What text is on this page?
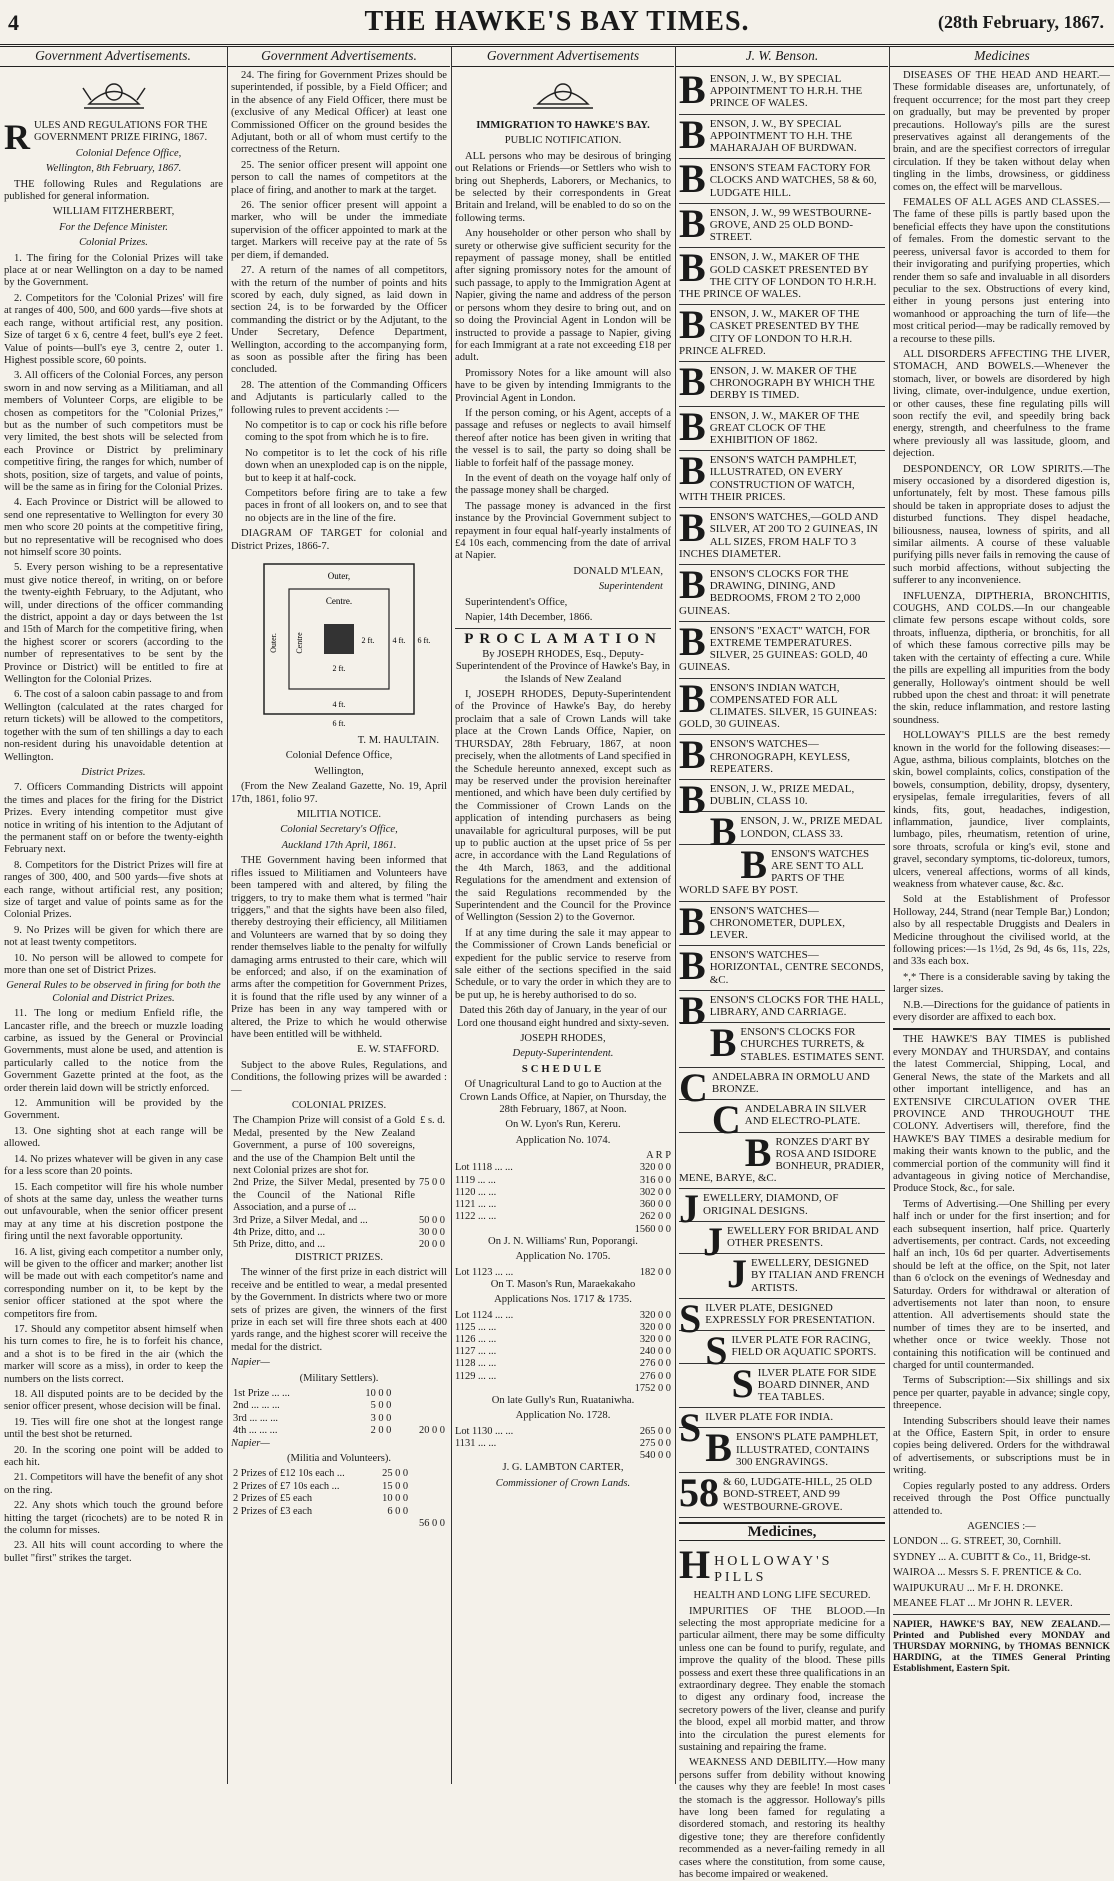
4	THE HAWKE'S BAY TIMES.	(28th February, 1867.
Government Advertisements.	Government Advertisements.	Government Advertisements	J. W. Benson.	Medicines

RULES AND REGULATIONS FOR THE GOVERNMENT PRIZE FIRING, 1867.

Colonial Defence Office,

Wellington, 8th February, 1867.

THE following Rules and Regulations are published for general information.

WILLIAM FITZHERBERT,

For the Defence Minister.

Colonial Prizes.

1. The firing for the Colonial Prizes will take place at or near Wellington on a day to be named by the Government.

2. Competitors for the 'Colonial Prizes' will fire at ranges of 400, 500, and 600 yards—five shots at each range, without artificial rest, any position. Size of target 6 x 6, centre 4 feet, bull's eye 2 feet. Value of points—bull's eye 3, centre 2, outer 1. Highest possible score, 60 points.

3. All officers of the Colonial Forces, any person sworn in and now serving as a Militiaman, and all members of Volunteer Corps, are eligible to be chosen as competitors for the "Colonial Prizes," but as the number of such competitors must be very limited, the best shots will be selected from each Province or District by preliminary competitive firing, the ranges for which, number of shots, position, size of targets, and value of points, will be the same as in firing for the Colonial Prizes.

4. Each Province or District will be allowed to send one representative to Wellington for every 30 men who score 20 points at the competitive firing, but no representative will be recognised who does not himself score 30 points.

5. Every person wishing to be a representative must give notice thereof, in writing, on or before the twenty-eighth February, to the Adjutant, who will, under directions of the officer commanding the district, appoint a day or days between the 1st and 15th of March for the competitive firing, when the highest scorer or scorers (according to the number of representatives to be sent by the Province or District) will be entitled to fire at Wellington for the Colonial Prizes.

6. The cost of a saloon cabin passage to and from Wellington (calculated at the rates charged for return tickets) will be allowed to the competitors, together with the sum of ten shillings a day to each non-resident during his unavoidable detention at Wellington.

District Prizes.

7. Officers Commanding Districts will appoint the times and places for the firing for the District Prizes. Every intending competitor must give notice in writing of his intention to the Adjutant of the permanent staff on or before the twenty-eighth February next.

8. Competitors for the District Prizes will fire at ranges of 300, 400, and 500 yards—five shots at each range, without artificial rest, any position; size of target and value of points same as for the Colonial Prizes.

9. No Prizes will be given for which there are not at least twenty competitors.

10. No person will be allowed to compete for more than one set of District Prizes.

General Rules to be observed in firing for both the Colonial and District Prizes.

11. The long or medium Enfield rifle, the Lancaster rifle, and the breech or muzzle loading carbine, as issued by the General or Provincial Governments, must alone be used, and attention is particularly called to the notice from the Government Gazette printed at the foot, as the order therein laid down will be strictly enforced.

12. Ammunition will be provided by the Government.

13. One sighting shot at each range will be allowed.

14. No prizes whatever will be given in any case for a less score than 20 points.

15. Each competitor will fire his whole number of shots at the same day, unless the weather turns out unfavourable, when the senior officer present may at any time at his discretion postpone the firing until the next favorable opportunity.

16. A list, giving each competitor a number only, will be given to the officer and marker; another list will be made out with each competitor's name and corresponding number on it, to be kept by the senior officer stationed at the spot where the competitors fire from.

17. Should any competitor absent himself when his turn comes to fire, he is to forfeit his chance, and a shot is to be fired in the air (which the marker will score as a miss), in order to keep the numbers on the lists correct.

18. All disputed points are to be decided by the senior officer present, whose decision will be final.

19. Ties will fire one shot at the longest range until the best shot be returned.

20. In the scoring one point will be added to each hit.

21. Competitors will have the benefit of any shot on the ring.

22. Any shots which touch the ground before hitting the target (ricochets) are to be noted R in the column for misses.

23. All hits will count according to where the bullet "first" strikes the target.

24. The firing for Government Prizes should be superintended, if possible, by a Field Officer; and in the absence of any Field Officer, there must be (exclusive of any Medical Officer) at least one Commissioned Officer on the ground besides the Adjutant, both or all of whom must certify to the correctness of the Return.

25. The senior officer present will appoint one person to call the names of competitors at the place of firing, and another to mark at the target.

26. The senior officer present will appoint a marker, who will be under the immediate supervision of the officer appointed to mark at the target. Markers will receive pay at the rate of 5s per diem, if demanded.

27. A return of the names of all competitors, with the return of the number of points and hits scored by each, duly signed, as laid down in section 24, is to be forwarded by the Officer commanding the district or by the Adjutant, to the Under Secretary, Defence Department, Wellington, according to the accompanying form, as soon as possible after the firing has been concluded.

28. The attention of the Commanding Officers and Adjutants is particularly called to the following rules to prevent accidents :—

No competitor is to cap or cock his rifle before coming to the spot from which he is to fire.

No competitor is to let the cock of his rifle down when an unexploded cap is on the nipple, but to keep it at half-cock.

Competitors before firing are to take a few paces in front of all lookers on, and to see that no objects are in the line of the fire.

DIAGRAM OF TARGET for colonial and District Prizes, 1866-7.

Outer,
Centre.
2 ft.
2 ft.
4 ft.
4 ft.
6 ft.
6 ft.
Outer. Centre

T. M. HAULTAIN.

Colonial Defence Office,

Wellington,

(From the New Zealand Gazette, No. 19, April 17th, 1861, folio 97.

MILITIA NOTICE.

Colonial Secretary's Office,

Auckland 17th April, 1861.

THE Government having been informed that rifles issued to Militiamen and Volunteers have been tampered with and altered, by filing the triggers, to try to make them what is termed "hair triggers," and that the sights have been also filed, thereby destroying their efficiency, all Militiamen and Volunteers are warned that by so doing they render themselves liable to the penalty for wilfully damaging arms entrusted to their care, which will be enforced; and also, if on the examination of arms after the competition for Government Prizes, it is found that the rifle used by any winner of a Prize has been in any way tampered with or altered, the Prize to which he would otherwise have been entitled will be withheld.

E. W. STAFFORD.

Subject to the above Rules, Regulations, and Conditions, the following prizes will be awarded :—

COLONIAL PRIZES.

The Champion Prize will consist of a Gold Medal, presented by the New Zealand Government, a purse of 100 sovereigns, and the use of the Champion Belt until the next Colonial prizes are shot for.	£ s. d.
2nd Prize, the Silver Medal, presented by the Council of the National Rifle Association, and a purse of ...	75 0 0
3rd Prize, a Silver Medal, and ...	50 0 0
4th Prize, ditto, and ...	30 0 0
5th Prize, ditto, and ...	20 0 0

DISTRICT PRIZES.

The winner of the first prize in each district will receive and be entitled to wear, a medal presented by the Government. In districts where two or more sets of prizes are given, the winners of the first prize in each set will fire three shots each at 400 yards range, and the highest scorer will receive the medal for the district.

Napier—

(Military Settlers).

1st Prize ... ...	10 0 0	
2nd ... ... ...	5 0 0	
3rd ... ... ...	3 0 0	
4th ... ... ...	2 0 0	20 0 0

Napier—

(Militia and Volunteers).

2 Prizes of £12 10s each ...	25 0 0	
2 Prizes of £7 10s each ...	15 0 0	
2 Prizes of £5 each	10 0 0	
2 Prizes of £3 each	6 0 0	
		56 0 0

IMMIGRATION TO HAWKE'S BAY.

PUBLIC NOTIFICATION.

ALL persons who may be desirous of bringing out Relations or Friends—or Settlers who wish to bring out Shepherds, Laborers, or Mechanics, to be selected by their correspondents in Great Britain and Ireland, will be enabled to do so on the following terms.

Any householder or other person who shall by surety or otherwise give sufficient security for the repayment of passage money, shall be entitled after signing promissory notes for the amount of such passage, to apply to the Immigration Agent at Napier, giving the name and address of the person or persons whom they desire to bring out, and on so doing the Provincial Agent in London will be instructed to provide a passage to Napier, giving for each Immigrant at a rate not exceeding £18 per adult.

Promissory Notes for a like amount will also have to be given by intending Immigrants to the Provincial Agent in London.

If the person coming, or his Agent, accepts of a passage and refuses or neglects to avail himself thereof after notice has been given in writing that the vessel is to sail, the party so doing shall be liable to forfeit half of the passage money.

In the event of death on the voyage half only of the passage money shall be charged.

The passage money is advanced in the first instance by the Provincial Government subject to repayment in four equal half-yearly instalments of £4 10s each, commencing from the date of arrival at Napier.

DONALD M'LEAN,

Superintendent

Superintendent's Office,

Napier, 14th December, 1866.

PROCLAMATION

By JOSEPH RHODES, Esq., Deputy-Superintendent of the Province of Hawke's Bay, in the Islands of New Zealand

I, JOSEPH RHODES, Deputy-Superintendent of the Province of Hawke's Bay, do hereby proclaim that a sale of Crown Lands will take place at the Crown Lands Office, Napier, on THURSDAY, 28th February, 1867, at noon precisely, when the allotments of Land specified in the Schedule hereunto annexed, except such as may be reserved under the provision hereinafter mentioned, and which have been duly certified by the Commissioner of Crown Lands on the application of intending purchasers as being unavailable for agricultural purposes, will be put up to public auction at the upset price of 5s per acre, in accordance with the Land Regulations of the 4th March, 1863, and the additional Regulations for the amendment and extension of the said Regulations recommended by the Superintendent and the Council for the Province of Wellington (Session 2) to the Governor.

If at any time during the sale it may appear to the Commissioner of Crown Lands beneficial or expedient for the public service to reserve from sale either of the sections specified in the said Schedule, or to vary the order in which they are to be put up, he is hereby authorised to do so.

Dated this 26th day of January, in the year of our Lord one thousand eight hundred and sixty-seven.

JOSEPH RHODES,

Deputy-Superintendent.

SCHEDULE

Of Unagricultural Land to go to Auction at the Crown Lands Office, at Napier, on Thursday, the 28th February, 1867, at Noon.

On W. Lyon's Run, Kereru.

Application No. 1074.

A R P
Lot 1118 ... ...	320 0 0
1119 ... ...	316 0 0
1120 ... ...	302 0 0
1121 ... ...	360 0 0
1122 ... ...	262 0 0
1560 0 0

On J. N. Williams' Run, Poporangi.

Application No. 1705.

Lot 1123 ... ...	182 0 0

On T. Mason's Run, Maraekakaho

Applications Nos. 1717 & 1735.

Lot 1124 ... ...	320 0 0
1125 ... ...	320 0 0
1126 ... ...	320 0 0
1127 ... ...	240 0 0
1128 ... ...	276 0 0
1129 ... ...	276 0 0
1752 0 0

On late Gully's Run, Ruataniwha.

Application No. 1728.

Lot 1130 ... ...	265 0 0
1131 ... ...	275 0 0
540 0 0

J. G. LAMBTON CARTER,

Commissioner of Crown Lands.

B ENSON, J. W., BY SPECIAL APPOINTMENT TO H.R.H. THE PRINCE OF WALES.
B ENSON, J. W., BY SPECIAL APPOINTMENT TO H.H. THE MAHARAJAH OF BURDWAN.
B ENSON'S STEAM FACTORY FOR CLOCKS AND WATCHES, 58 & 60, LUDGATE HILL.
B ENSON, J. W., 99 WESTBOURNE-GROVE, AND 25 OLD BOND-STREET.
B ENSON, J. W., MAKER OF THE GOLD CASKET PRESENTED BY THE CITY OF LONDON TO H.R.H. THE PRINCE OF WALES.
B ENSON, J. W., MAKER OF THE CASKET PRESENTED BY THE CITY OF LONDON TO H.R.H. PRINCE ALFRED.
B ENSON, J. W. MAKER OF THE CHRONOGRAPH BY WHICH THE DERBY IS TIMED.
B ENSON, J. W., MAKER OF THE GREAT CLOCK OF THE EXHIBITION OF 1862.
B ENSON'S WATCH PAMPHLET, ILLUSTRATED, ON EVERY CONSTRUCTION OF WATCH, WITH THEIR PRICES.
B ENSON'S WATCHES,—GOLD AND SILVER, AT 200 TO 2 GUINEAS, IN ALL SIZES, FROM HALF TO 3 INCHES DIAMETER.
B ENSON'S CLOCKS FOR THE DRAWING, DINING, AND BEDROOMS, FROM 2 TO 2,000 GUINEAS.
B ENSON'S "EXACT" WATCH, FOR EXTREME TEMPERATURES. SILVER, 25 GUINEAS: GOLD, 40 GUINEAS.
B ENSON'S INDIAN WATCH, COMPENSATED FOR ALL CLIMATES. SILVER, 15 GUINEAS: GOLD, 30 GUINEAS.
B ENSON'S WATCHES—CHRONOGRAPH, KEYLESS, REPEATERS.
B ENSON, J. W., PRIZE MEDAL, DUBLIN, CLASS 10.
B ENSON, J. W., PRIZE MEDAL LONDON, CLASS 33.
B ENSON'S WATCHES ARE SENT TO ALL PARTS OF THE WORLD SAFE BY POST.
B ENSON'S WATCHES—CHRONOMETER, DUPLEX, LEVER.
B ENSON'S WATCHES—HORIZONTAL, CENTRE SECONDS, &C.
B ENSON'S CLOCKS FOR THE HALL, LIBRARY, AND CARRIAGE.
B ENSON'S CLOCKS FOR CHURCHES TURRETS, & STABLES. ESTIMATES SENT.
C ANDELABRA IN ORMOLU AND BRONZE.
C ANDELABRA IN SILVER AND ELECTRO-PLATE.
B RONZES D'ART BY ROSA AND ISIDORE BONHEUR, PRADIER, MENE, BARYE, &C.
J EWELLERY, DIAMOND, OF ORIGINAL DESIGNS.
J EWELLERY FOR BRIDAL AND OTHER PRESENTS.
J EWELLERY, DESIGNED BY ITALIAN AND FRENCH ARTISTS.
S ILVER PLATE, DESIGNED EXPRESSLY FOR PRESENTATION.
S ILVER PLATE FOR RACING, FIELD OR AQUATIC SPORTS.
S ILVER PLATE FOR SIDE BOARD DINNER, AND TEA TABLES.
S ILVER PLATE FOR INDIA.
B ENSON'S PLATE PAMPHLET, ILLUSTRATED, CONTAINS 300 ENGRAVINGS.
58 & 60, LUDGATE-HILL, 25 OLD BOND-STREET, AND 99 WESTBOURNE-GROVE.
Medicines,
H HOLLOWAY'S PILLS

HEALTH AND LONG LIFE SECURED.

IMPURITIES OF THE BLOOD.—In selecting the most appropriate medicine for a particular ailment, there may be some difficulty unless one can be found to purify, regulate, and improve the quality of the blood. These pills possess and exert these three qualifications in an extraordinary degree. They enable the stomach to digest any ordinary food, increase the secretory powers of the liver, cleanse and purify the blood, expel all morbid matter, and throw into the circulation the purest elements for sustaining and repairing the frame.

WEAKNESS AND DEBILITY.—How many persons suffer from debility without knowing the causes why they are feeble! In most cases the stomach is the aggressor. Holloway's pills have long been famed for regulating a disordered stomach, and restoring its healthy digestive tone; they are therefore confidently recommended as a never-failing remedy in all cases where the constitution, from some cause, has become impaired or weakened.

DISEASES OF THE HEAD AND HEART.—These formidable diseases are, unfortunately, of frequent occurrence; for the most part they creep on gradually, but may be prevented by proper precautions. Holloway's pills are the surest preservatives against all derangements of the brain, and are the specifiest correctors of irregular circulation. If they be taken without delay when tingling in the limbs, drowsiness, or giddiness comes on, the effect will be marvellous.

FEMALES OF ALL AGES AND CLASSES.—The fame of these pills is partly based upon the beneficial effects they have upon the constitutions of females. From the domestic servant to the peeress, universal favor is accorded to them for their invigorating and purifying properties, which render them so safe and invaluable in all disorders peculiar to the sex. Obstructions of every kind, either in young persons just entering into womanhood or approaching the turn of life—the most critical period—may be radically removed by a recourse to these pills.

ALL DISORDERS AFFECTING THE LIVER, STOMACH, AND BOWELS.—Whenever the stomach, liver, or bowels are disordered by high living, climate, over-indulgence, undue exertion, or other causes, these fine regulating pills will soon rectify the evil, and speedily bring back energy, strength, and cheerfulness to the frame where previously all was lassitude, gloom, and dejection.

DESPONDENCY, OR LOW SPIRITS.—The misery occasioned by a disordered digestion is, unfortunately, felt by most. These famous pills should be taken in appropriate doses to adjust the disturbed functions. They dispel headache, biliousness, nausea, lowness of spirits, and all similar ailments. A course of these valuable purifying pills never fails in removing the cause of such morbid affections, without subjecting the sufferer to any inconvenience.

INFLUENZA, DIPTHERIA, BRONCHITIS, COUGHS, AND COLDS.—In our changeable climate few persons escape without colds, sore throats, influenza, diptheria, or bronchitis, for all of which these famous corrective pills may be taken with the certainty of effecting a cure. While the pills are expelling all impurities from the body generally, Holloway's ointment should be well rubbed upon the chest and throat: it will penetrate the skin, reduce inflammation, and restore lasting soundness.

HOLLOWAY'S PILLS are the best remedy known in the world for the following diseases:—Ague, asthma, bilious complaints, blotches on the skin, bowel complaints, colics, constipation of the bowels, consumption, debility, dropsy, dysentery, erysipelas, female irregularities, fevers of all kinds, fits, gout, headaches, indigestion, inflammation, jaundice, liver complaints, lumbago, piles, rheumatism, retention of urine, sore throats, scrofula or king's evil, stone and gravel, secondary symptoms, tic-doloreux, tumors, ulcers, venereal affections, worms of all kinds, weakness from whatever cause, &c. &c.

Sold at the Establishment of Professor Holloway, 244, Strand (near Temple Bar,) London; also by all respectable Druggists and Dealers in Medicine throughout the civilised world, at the following prices:—1s 1½d, 2s 9d, 4s 6s, 11s, 22s, and 33s each box.

*,* There is a considerable saving by taking the larger sizes.

N.B.—Directions for the guidance of patients in every disorder are affixed to each box.

THE HAWKE'S BAY TIMES is published every MONDAY and THURSDAY, and contains the latest Commercial, Shipping, Local, and General News, the state of the Markets and all other important intelligence, and has an EXTENSIVE CIRCULATION OVER THE PROVINCE AND THROUGHOUT THE COLONY. Advertisers will, therefore, find the HAWKE'S BAY TIMES a desirable medium for making their wants known to the public, and the commercial portion of the community will find it advantageous in giving notice of Merchandise, Produce Stock, &c., for sale.

Terms of Advertising.—One Shilling per every half inch or under for the first insertion; and for each subsequent insertion, half price. Quarterly advertisements, per contract. Cards, not exceeding half an inch, 10s 6d per quarter. Advertisements should be left at the office, on the Spit, not later than 6 o'clock on the evenings of Wednesday and Saturday. Orders for withdrawal or alteration of advertisements not later than noon, to ensure attention. All advertisements should state the number of times they are to be inserted, and whether once or twice weekly. Those not containing this notification will be continued and charged for until countermanded.

Terms of Subscription:—Six shillings and six pence per quarter, payable in advance; single copy, threepence.

Intending Subscribers should leave their names at the Office, Eastern Spit, in order to ensure copies being delivered. Orders for the withdrawal of advertisements, or subscriptions must be in writing.

Copies regularly posted to any address. Orders received through the Post Office punctually attended to.

AGENCIES :—

LONDON ... G. STREET, 30, Cornhill.

SYDNEY ... A. CUBITT & Co., 11, Bridge-st.

WAIROA ... Messrs S. F. PRENTICE & Co.

WAIPUKURAU ... Mr F. H. DRONKE.

MEANEE FLAT ... Mr JOHN R. LEVER.

NAPIER, HAWKE'S BAY, NEW ZEALAND.—Printed and Published every MONDAY and THURSDAY MORNING, by THOMAS BENNICK HARDING, at the TIMES General Printing Establishment, Eastern Spit.
